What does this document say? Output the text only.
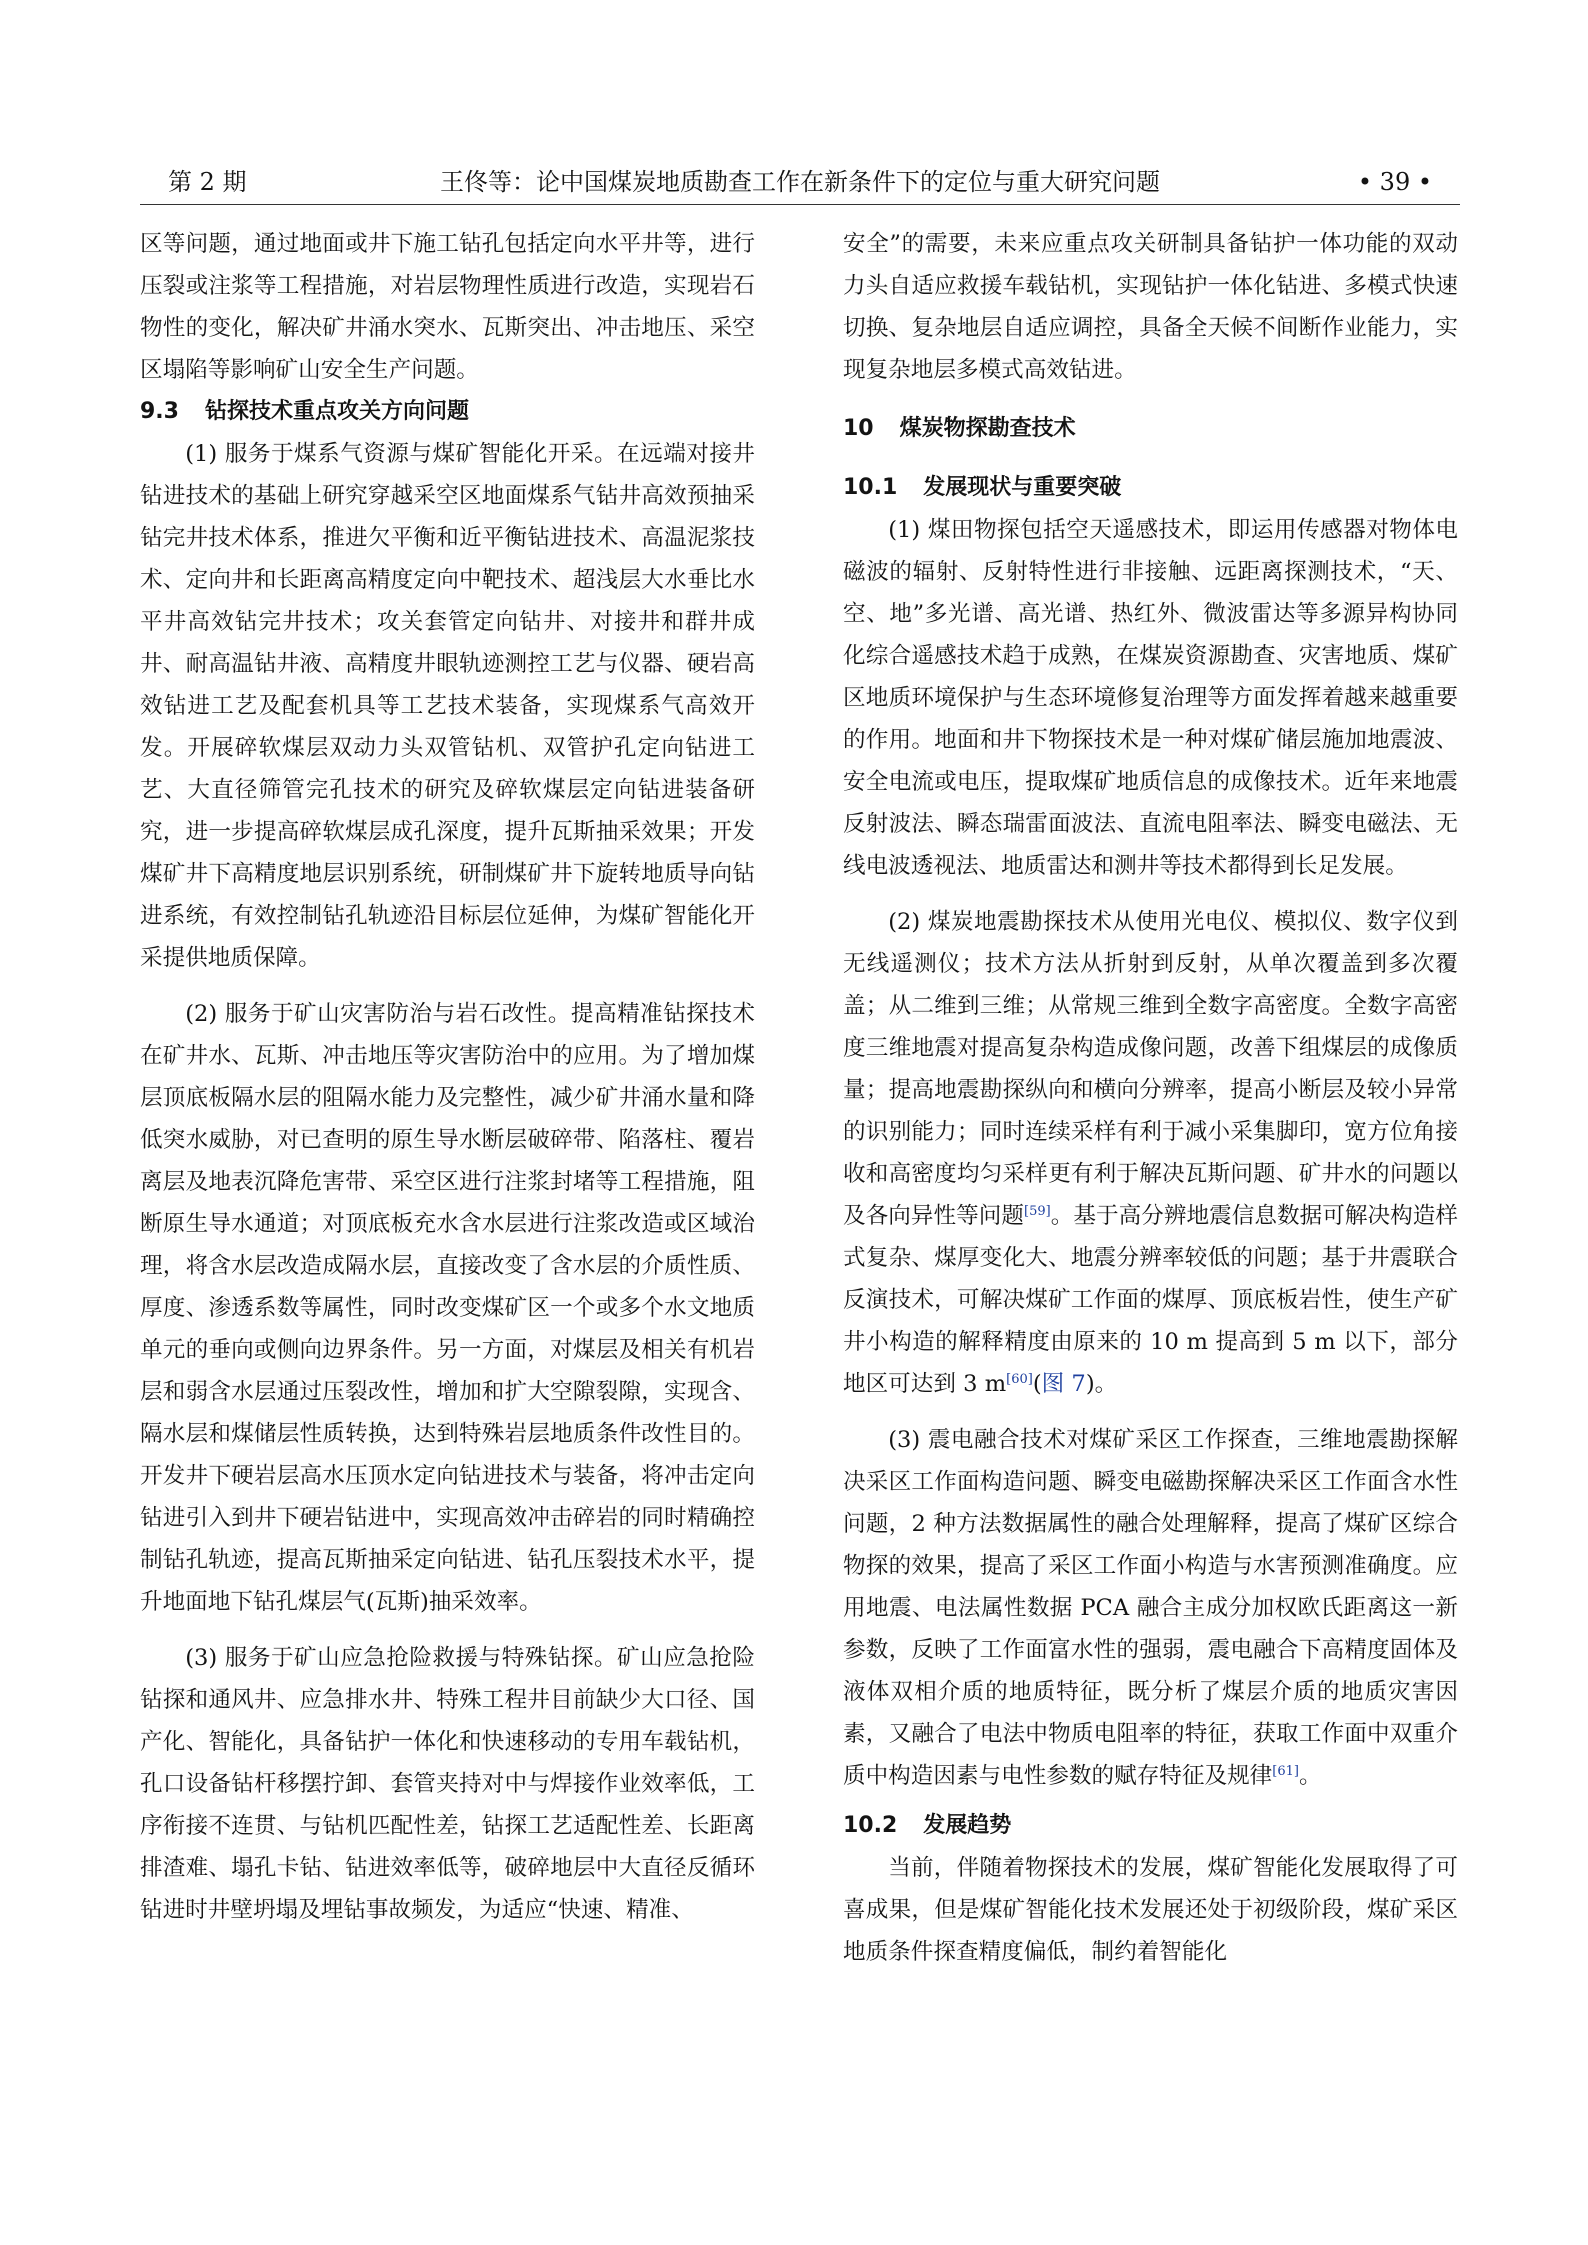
第 2 期	王佟等：论中国煤炭地质勘查工作在新条件下的定位与重大研究问题	• 39 •

区等问题，通过地面或井下施工钻孔包括定向水平井等，进行压裂或注浆等工程措施，对岩层物理性质进行改造，实现岩石物性的变化，解决矿井涌水突水、瓦斯突出、冲击地压、采空区塌陷等影响矿山安全生产问题。

9.3 钻探技术重点攻关方向问题

(1) 服务于煤系气资源与煤矿智能化开采。在远端对接井钻进技术的基础上研究穿越采空区地面煤系气钻井高效预抽采钻完井技术体系，推进欠平衡和近平衡钻进技术、高温泥浆技术、定向井和长距离高精度定向中靶技术、超浅层大水垂比水平井高效钻完井技术；攻关套管定向钻井、对接井和群井成井、耐高温钻井液、高精度井眼轨迹测控工艺与仪器、硬岩高效钻进工艺及配套机具等工艺技术装备，实现煤系气高效开发。开展碎软煤层双动力头双管钻机、双管护孔定向钻进工艺、大直径筛管完孔技术的研究及碎软煤层定向钻进装备研究，进一步提高碎软煤层成孔深度，提升瓦斯抽采效果；开发煤矿井下高精度地层识别系统，研制煤矿井下旋转地质导向钻进系统，有效控制钻孔轨迹沿目标层位延伸，为煤矿智能化开采提供地质保障。

(2) 服务于矿山灾害防治与岩石改性。提高精准钻探技术在矿井水、瓦斯、冲击地压等灾害防治中的应用。为了增加煤层顶底板隔水层的阻隔水能力及完整性，减少矿井涌水量和降低突水威胁，对已查明的原生导水断层破碎带、陷落柱、覆岩离层及地表沉降危害带、采空区进行注浆封堵等工程措施，阻断原生导水通道；对顶底板充水含水层进行注浆改造或区域治理，将含水层改造成隔水层，直接改变了含水层的介质性质、厚度、渗透系数等属性，同时改变煤矿区一个或多个水文地质单元的垂向或侧向边界条件。另一方面，对煤层及相关有机岩层和弱含水层通过压裂改性，增加和扩大空隙裂隙，实现含、隔水层和煤储层性质转换，达到特殊岩层地质条件改性目的。开发井下硬岩层高水压顶水定向钻进技术与装备，将冲击定向钻进引入到井下硬岩钻进中，实现高效冲击碎岩的同时精确控制钻孔轨迹，提高瓦斯抽采定向钻进、钻孔压裂技术水平，提升地面地下钻孔煤层气(瓦斯)抽采效率。

(3) 服务于矿山应急抢险救援与特殊钻探。矿山应急抢险钻探和通风井、应急排水井、特殊工程井目前缺少大口径、国产化、智能化，具备钻护一体化和快速移动的专用车载钻机，孔口设备钻杆移摆拧卸、套管夹持对中与焊接作业效率低，工序衔接不连贯、与钻机匹配性差，钻探工艺适配性差、长距离排渣难、塌孔卡钻、钻进效率低等，破碎地层中大直径反循环钻进时井壁坍塌及埋钻事故频发，为适应“快速、精准、

安全”的需要，未来应重点攻关研制具备钻护一体功能的双动力头自适应救援车载钻机，实现钻护一体化钻进、多模式快速切换、复杂地层自适应调控，具备全天候不间断作业能力，实现复杂地层多模式高效钻进。

10 煤炭物探勘查技术
10.1 发展现状与重要突破

(1) 煤田物探包括空天遥感技术，即运用传感器对物体电磁波的辐射、反射特性进行非接触、远距离探测技术，“天、空、地”多光谱、高光谱、热红外、微波雷达等多源异构协同化综合遥感技术趋于成熟，在煤炭资源勘查、灾害地质、煤矿区地质环境保护与生态环境修复治理等方面发挥着越来越重要的作用。地面和井下物探技术是一种对煤矿储层施加地震波、安全电流或电压，提取煤矿地质信息的成像技术。近年来地震反射波法、瞬态瑞雷面波法、直流电阻率法、瞬变电磁法、无线电波透视法、地质雷达和测井等技术都得到长足发展。

(2) 煤炭地震勘探技术从使用光电仪、模拟仪、数字仪到无线遥测仪；技术方法从折射到反射，从单次覆盖到多次覆盖；从二维到三维；从常规三维到全数字高密度。全数字高密度三维地震对提高复杂构造成像问题，改善下组煤层的成像质量；提高地震勘探纵向和横向分辨率，提高小断层及较小异常的识别能力；同时连续采样有利于减小采集脚印，宽方位角接收和高密度均匀采样更有利于解决瓦斯问题、矿井水的问题以及各向异性等问题[59]。基于高分辨地震信息数据可解决构造样式复杂、煤厚变化大、地震分辨率较低的问题；基于井震联合反演技术，可解决煤矿工作面的煤厚、顶底板岩性，使生产矿井小构造的解释精度由原来的 10 m 提高到 5 m 以下，部分地区可达到 3 m[60](图 7)。

(3) 震电融合技术对煤矿采区工作探查，三维地震勘探解决采区工作面构造问题、瞬变电磁勘探解决采区工作面含水性问题，2 种方法数据属性的融合处理解释，提高了煤矿区综合物探的效果，提高了采区工作面小构造与水害预测准确度。应用地震、电法属性数据 PCA 融合主成分加权欧氏距离这一新参数，反映了工作面富水性的强弱，震电融合下高精度固体及液体双相介质的地质特征，既分析了煤层介质的地质灾害因素，又融合了电法中物质电阻率的特征，获取工作面中双重介质中构造因素与电性参数的赋存特征及规律[61]。

10.2 发展趋势

当前，伴随着物探技术的发展，煤矿智能化发展取得了可喜成果，但是煤矿智能化技术发展还处于初级阶段，煤矿采区地质条件探查精度偏低，制约着智能化
